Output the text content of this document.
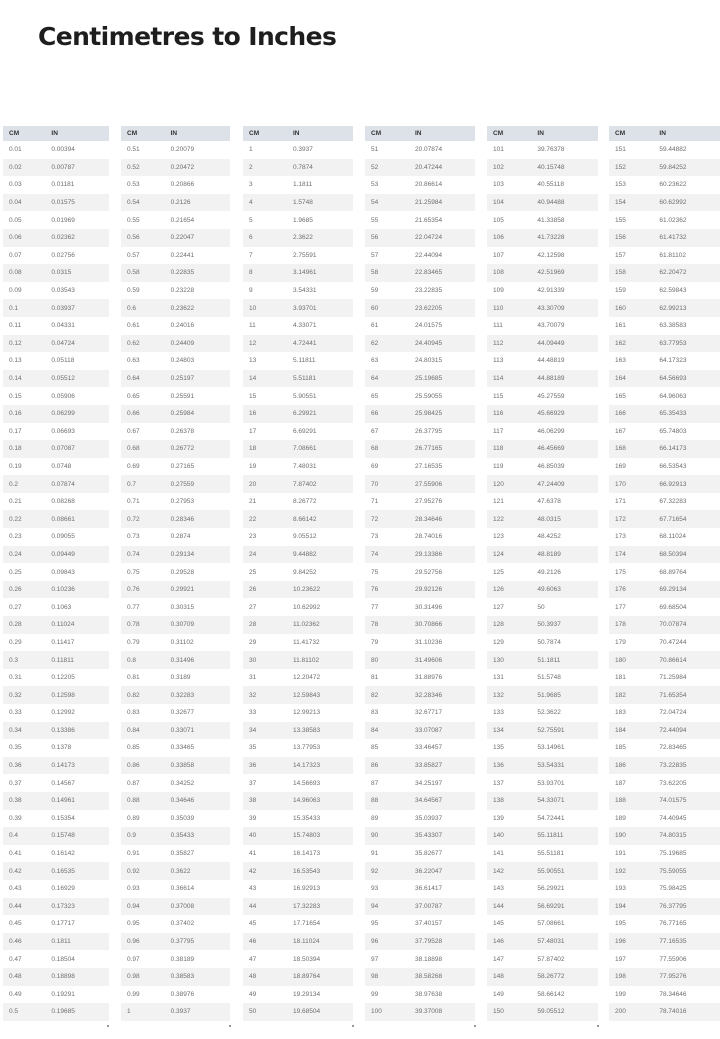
Centimetres to Inches
CM	IN
0.01	0.00394
0.02	0.00787
0.03	0.01181
0.04	0.01575
0.05	0.01969
0.06	0.02362
0.07	0.02756
0.08	0.0315
0.09	0.03543
0.1	0.03937
0.11	0.04331
0.12	0.04724
0.13	0.05118
0.14	0.05512
0.15	0.05906
0.16	0.06299
0.17	0.06693
0.18	0.07087
0.19	0.0748
0.2	0.07874
0.21	0.08268
0.22	0.08661
0.23	0.09055
0.24	0.09449
0.25	0.09843
0.26	0.10236
0.27	0.1063
0.28	0.11024
0.29	0.11417
0.3	0.11811
0.31	0.12205
0.32	0.12598
0.33	0.12992
0.34	0.13386
0.35	0.1378
0.36	0.14173
0.37	0.14567
0.38	0.14961
0.39	0.15354
0.4	0.15748
0.41	0.16142
0.42	0.16535
0.43	0.16929
0.44	0.17323
0.45	0.17717
0.46	0.1811
0.47	0.18504
0.48	0.18898
0.49	0.19291
0.5	0.19685
CM	IN
0.51	0.20079
0.52	0.20472
0.53	0.20866
0.54	0.2126
0.55	0.21654
0.56	0.22047
0.57	0.22441
0.58	0.22835
0.59	0.23228
0.6	0.23622
0.61	0.24016
0.62	0.24409
0.63	0.24803
0.64	0.25197
0.65	0.25591
0.66	0.25984
0.67	0.26378
0.68	0.26772
0.69	0.27165
0.7	0.27559
0.71	0.27953
0.72	0.28346
0.73	0.2874
0.74	0.29134
0.75	0.29528
0.76	0.29921
0.77	0.30315
0.78	0.30709
0.79	0.31102
0.8	0.31496
0.81	0.3189
0.82	0.32283
0.83	0.32677
0.84	0.33071
0.85	0.33465
0.86	0.33858
0.87	0.34252
0.88	0.34646
0.89	0.35039
0.9	0.35433
0.91	0.35827
0.92	0.3622
0.93	0.36614
0.94	0.37008
0.95	0.37402
0.96	0.37795
0.97	0.38189
0.98	0.38583
0.99	0.38976
1	0.3937
CM	IN
1	0.3937
2	0.7874
3	1.1811
4	1.5748
5	1.9685
6	2.3622
7	2.75591
8	3.14961
9	3.54331
10	3.93701
11	4.33071
12	4.72441
13	5.11811
14	5.51181
15	5.90551
16	6.29921
17	6.69291
18	7.08661
19	7.48031
20	7.87402
21	8.26772
22	8.66142
23	9.05512
24	9.44882
25	9.84252
26	10.23622
27	10.62992
28	11.02362
29	11.41732
30	11.81102
31	12.20472
32	12.59843
33	12.99213
34	13.38583
35	13.77953
36	14.17323
37	14.56693
38	14.96063
39	15.35433
40	15.74803
41	16.14173
42	16.53543
43	16.92913
44	17.32283
45	17.71654
46	18.11024
47	18.50394
48	18.89764
49	19.29134
50	19.68504
CM	IN
51	20.07874
52	20.47244
53	20.86614
54	21.25984
55	21.65354
56	22.04724
57	22.44094
58	22.83465
59	23.22835
60	23.62205
61	24.01575
62	24.40945
63	24.80315
64	25.19685
65	25.59055
66	25.98425
67	26.37795
68	26.77165
69	27.16535
70	27.55906
71	27.95276
72	28.34646
73	28.74016
74	29.13386
75	29.52756
76	29.92126
77	30.31496
78	30.70866
79	31.10236
80	31.49606
81	31.88976
82	32.28346
83	32.67717
84	33.07087
85	33.46457
86	33.85827
87	34.25197
88	34.64567
89	35.03937
90	35.43307
91	35.82677
92	36.22047
93	36.61417
94	37.00787
95	37.40157
96	37.79528
97	38.18898
98	38.58268
99	38.97638
100	39.37008
CM	IN
101	39.76378
102	40.15748
103	40.55118
104	40.94488
105	41.33858
106	41.73228
107	42.12598
108	42.51969
109	42.91339
110	43.30709
111	43.70079
112	44.09449
113	44.48819
114	44.88189
115	45.27559
116	45.66929
117	46.06299
118	46.45669
119	46.85039
120	47.24409
121	47.6378
122	48.0315
123	48.4252
124	48.8189
125	49.2126
126	49.6063
127	50
128	50.3937
129	50.7874
130	51.1811
131	51.5748
132	51.9685
133	52.3622
134	52.75591
135	53.14961
136	53.54331
137	53.93701
138	54.33071
139	54.72441
140	55.11811
141	55.51181
142	55.90551
143	56.29921
144	56.69291
145	57.08661
146	57.48031
147	57.87402
148	58.26772
149	58.66142
150	59.05512
CM	IN
151	59.44882
152	59.84252
153	60.23622
154	60.62992
155	61.02362
156	61.41732
157	61.81102
158	62.20472
159	62.59843
160	62.99213
161	63.38583
162	63.77953
163	64.17323
164	64.56693
165	64.96063
166	65.35433
167	65.74803
168	66.14173
169	66.53543
170	66.92913
171	67.32283
172	67.71654
173	68.11024
174	68.50394
175	68.89764
176	69.29134
177	69.68504
178	70.07874
179	70.47244
180	70.86614
181	71.25984
182	71.65354
183	72.04724
184	72.44094
185	72.83465
186	73.22835
187	73.62205
188	74.01575
189	74.40945
190	74.80315
191	75.19685
192	75.59055
193	75.98425
194	76.37795
195	76.77165
196	77.16535
197	77.55906
198	77.95276
199	78.34646
200	78.74016
